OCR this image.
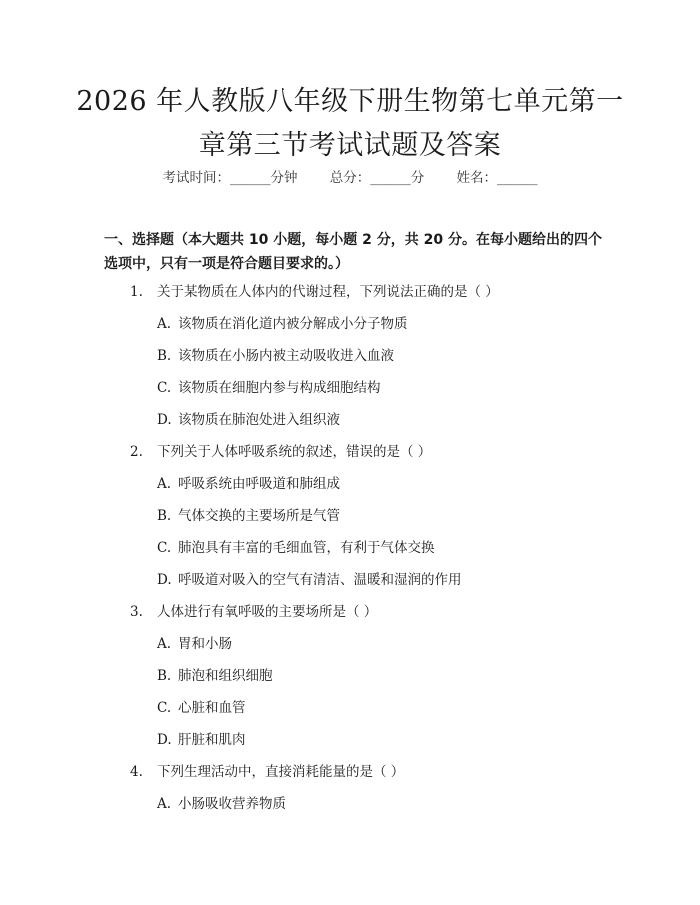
2026 年人教版八年级下册生物第七单元第一
章第三节考试试题及答案
考试时间：______分钟 总分：______分 姓名：______
一、选择题（本大题共 10 小题，每小题 2 分，共 20 分。在每小题给出的四个选项中，只有一项是符合题目要求的。）
1. 关于某物质在人体内的代谢过程，下列说法正确的是（ ）
A. 该物质在消化道内被分解成小分子物质
B. 该物质在小肠内被主动吸收进入血液
C. 该物质在细胞内参与构成细胞结构
D. 该物质在肺泡处进入组织液
2. 下列关于人体呼吸系统的叙述，错误的是（ ）
A. 呼吸系统由呼吸道和肺组成
B. 气体交换的主要场所是气管
C. 肺泡具有丰富的毛细血管，有利于气体交换
D. 呼吸道对吸入的空气有清洁、温暖和湿润的作用
3. 人体进行有氧呼吸的主要场所是（ ）
A. 胃和小肠
B. 肺泡和组织细胞
C. 心脏和血管
D. 肝脏和肌肉
4. 下列生理活动中，直接消耗能量的是（ ）
A. 小肠吸收营养物质
